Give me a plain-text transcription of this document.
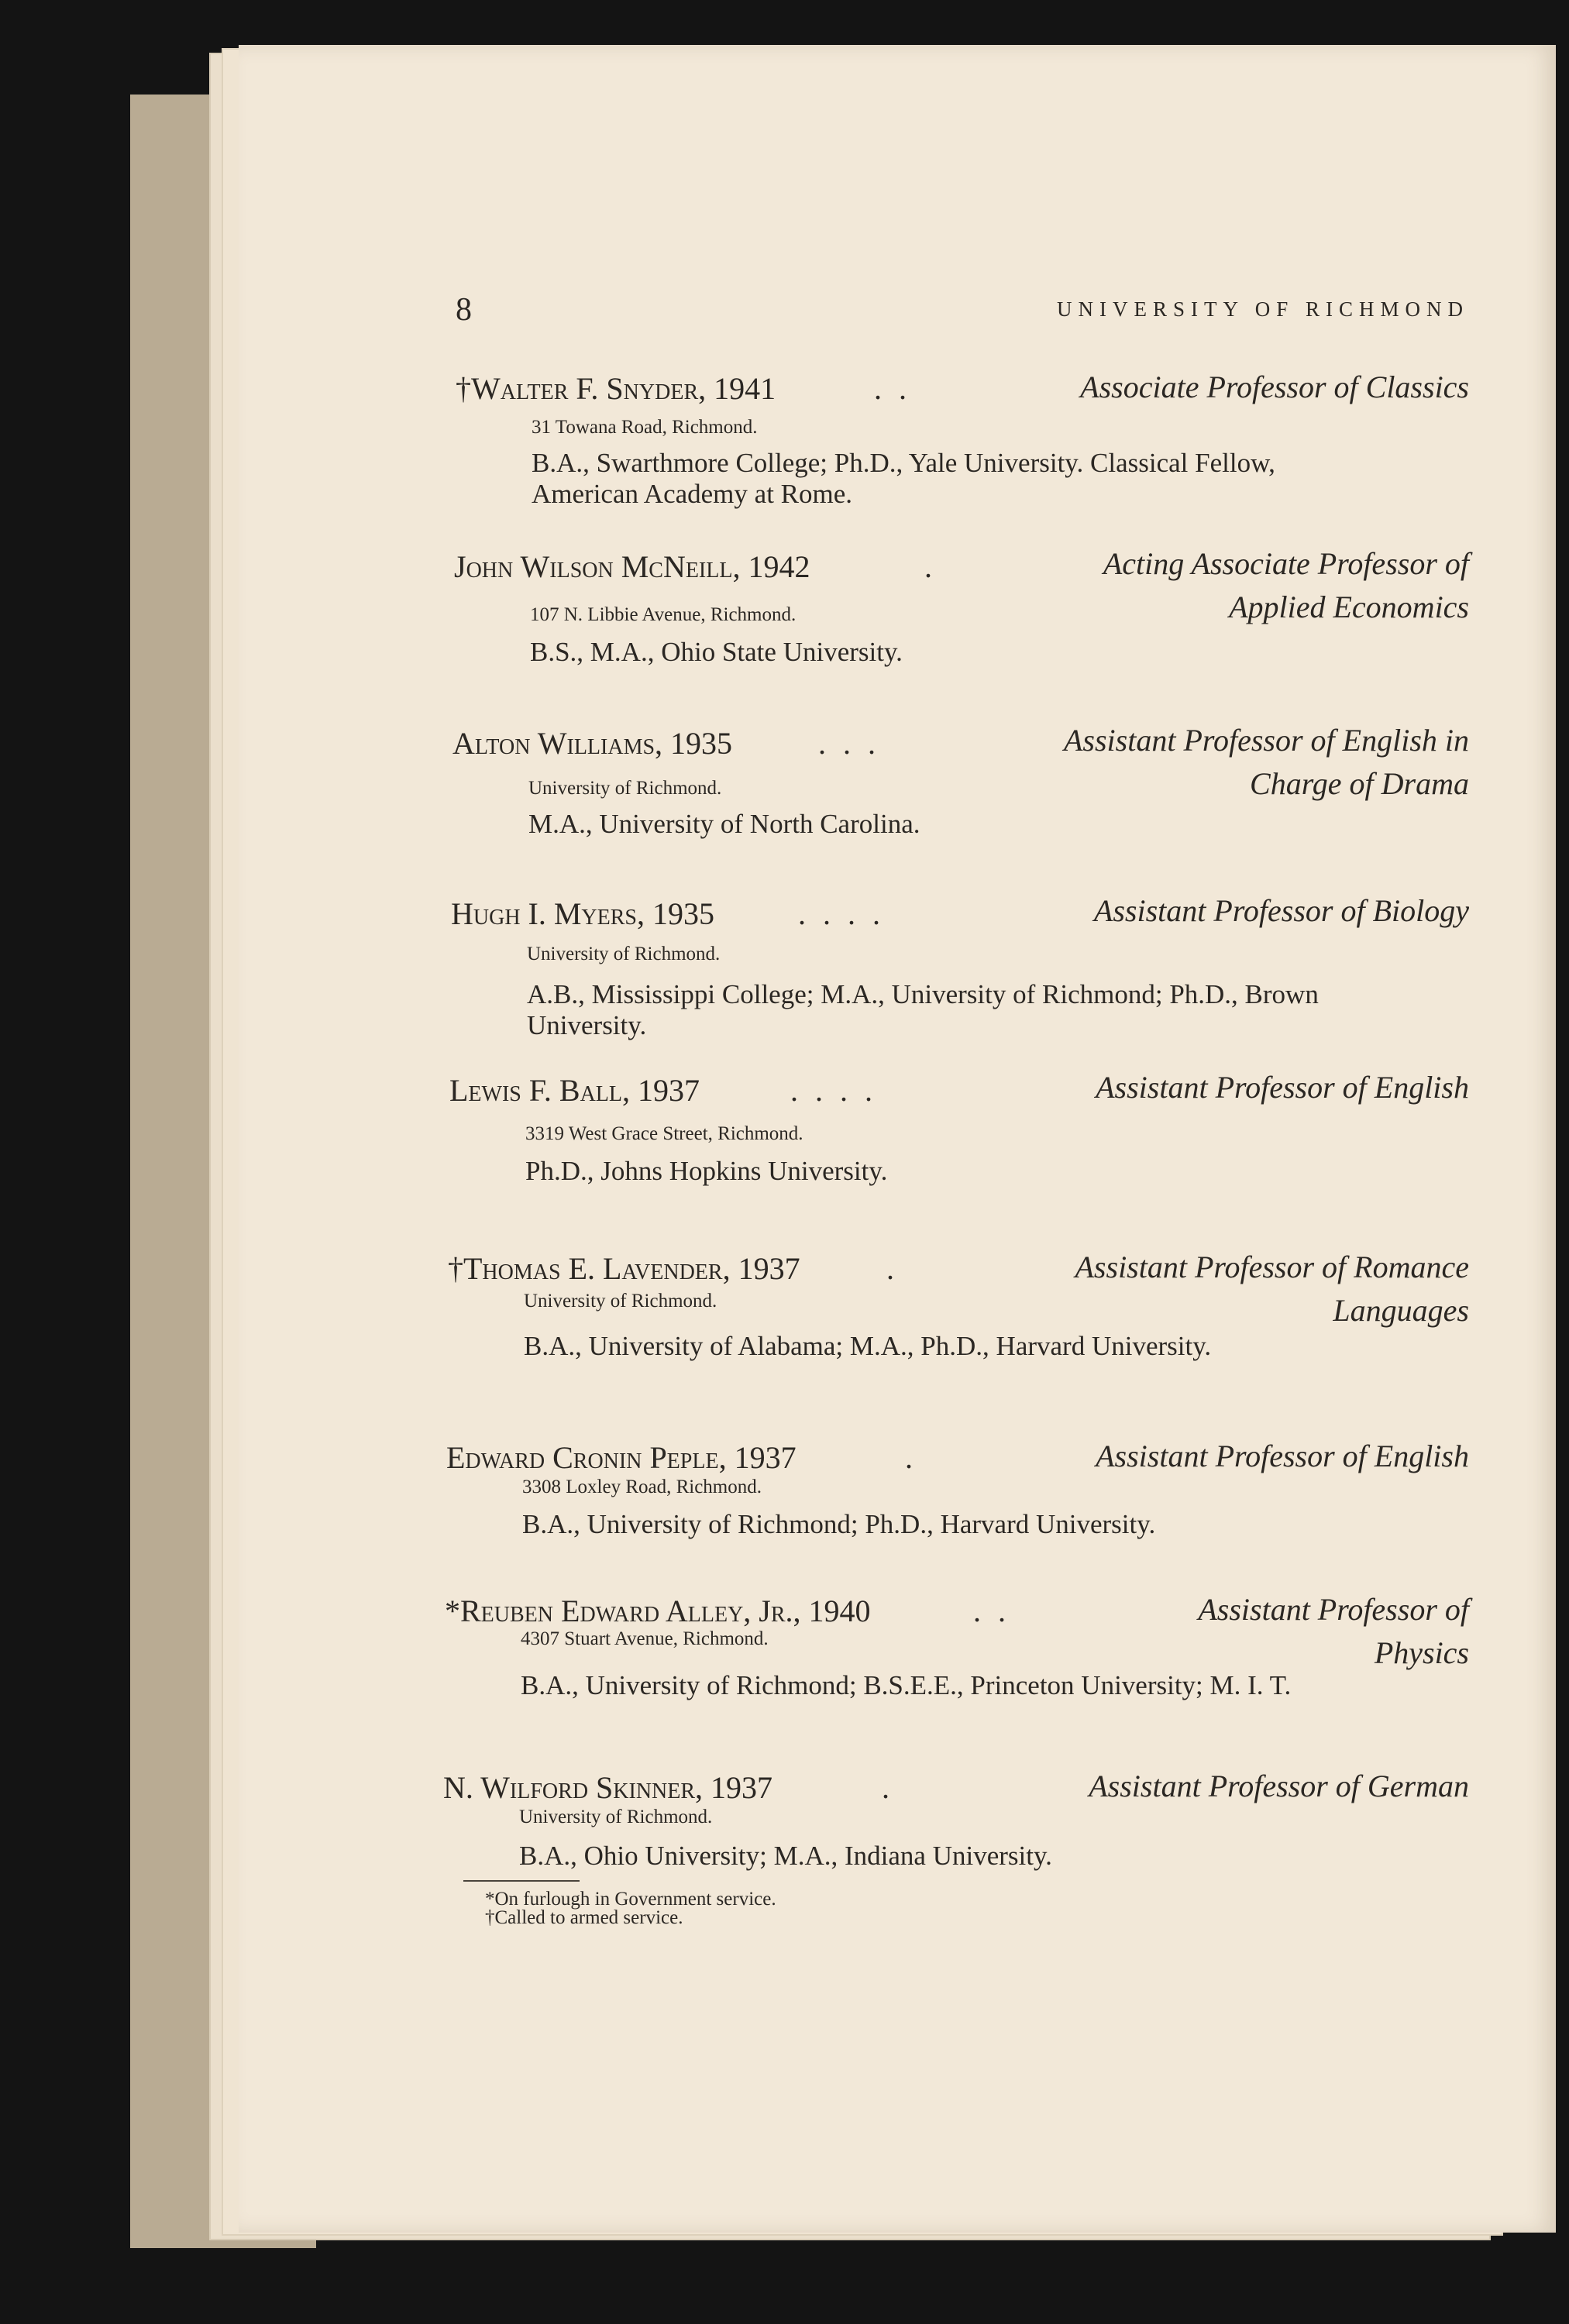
8	UNIVERSITY OF RICHMOND
†Walter F. Snyder, 1941	. .	Associate Professor of Classics
31 Towana Road, Richmond.
B.A., Swarthmore College; Ph.D., Yale University. Classical Fellow, American Academy at Rome.
John Wilson McNeill, 1942	.	Acting Associate Professor of Applied Economics
107 N. Libbie Avenue, Richmond.
B.S., M.A., Ohio State University.
Alton Williams, 1935	. . .	Assistant Professor of English in Charge of Drama
University of Richmond.
M.A., University of North Carolina.
Hugh I. Myers, 1935	. . . .	Assistant Professor of Biology
University of Richmond.
A.B., Mississippi College; M.A., University of Richmond; Ph.D., Brown University.
Lewis F. Ball, 1937	. . . .	Assistant Professor of English
3319 West Grace Street, Richmond.
Ph.D., Johns Hopkins University.
†Thomas E. Lavender, 1937	.	Assistant Professor of Romance Languages
University of Richmond.
B.A., University of Alabama; M.A., Ph.D., Harvard University.
Edward Cronin Peple, 1937	.	Assistant Professor of English
3308 Loxley Road, Richmond.
B.A., University of Richmond; Ph.D., Harvard University.
*Reuben Edward Alley, Jr., 1940	. .	Assistant Professor of Physics
4307 Stuart Avenue, Richmond.
B.A., University of Richmond; B.S.E.E., Princeton University; M. I. T.
N. Wilford Skinner, 1937	.	Assistant Professor of German
University of Richmond.
B.A., Ohio University; M.A., Indiana University.
*On furlough in Government service.
†Called to armed service.
